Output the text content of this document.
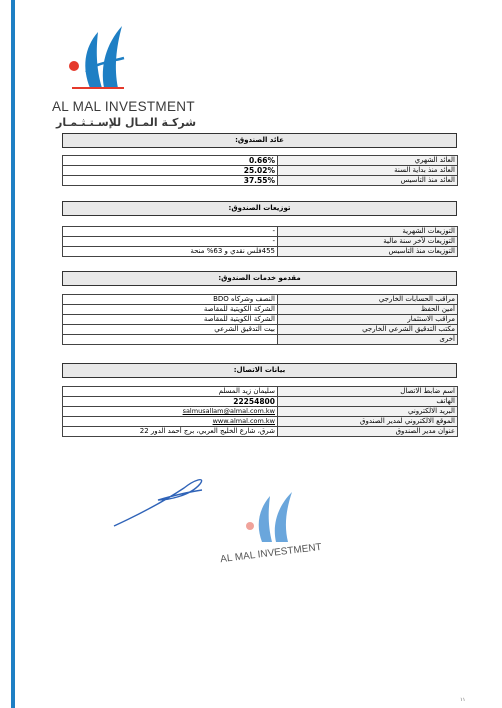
AL MAL INVESTMENT
شركـة المـال للإسـتـثـمـار
عائد الصندوق:
0.66%	العائد الشهري
25.02%	العائد منذ بداية السنة
37.55%	العائد منذ التأسيس
توزيعات الصندوق:
-	التوزيعات الشهرية
-	التوزيعات لآخر سنة مالية
455فلس نقدي و 63% منحة	التوزيعات منذ التأسيس
مقدمو خدمات الصندوق:
النصف وشركاه BDO	مراقب الحسابات الخارجي
الشركة الكويتية للمقاصة	أمين الحفظ
الشركة الكويتية للمقاصة	مراقب الاستثمار
بيت التدقيق الشرعي	مكتب التدقيق الشرعي الخارجي
	أخرى
بيانات الاتصال:
سليمان زيد المسلم	اسم ضابط الاتصال
22254800	الهاتف
salmusallam@almal.com.kw	البريد الالكتروني
www.almal.com.kw	الموقع الالكتروني لمدير الصندوق
شرق، شارع الخليج العربي، برج أحمد الدور 22	عنوان مدير الصندوق
AL MAL INVESTMENT
١١
